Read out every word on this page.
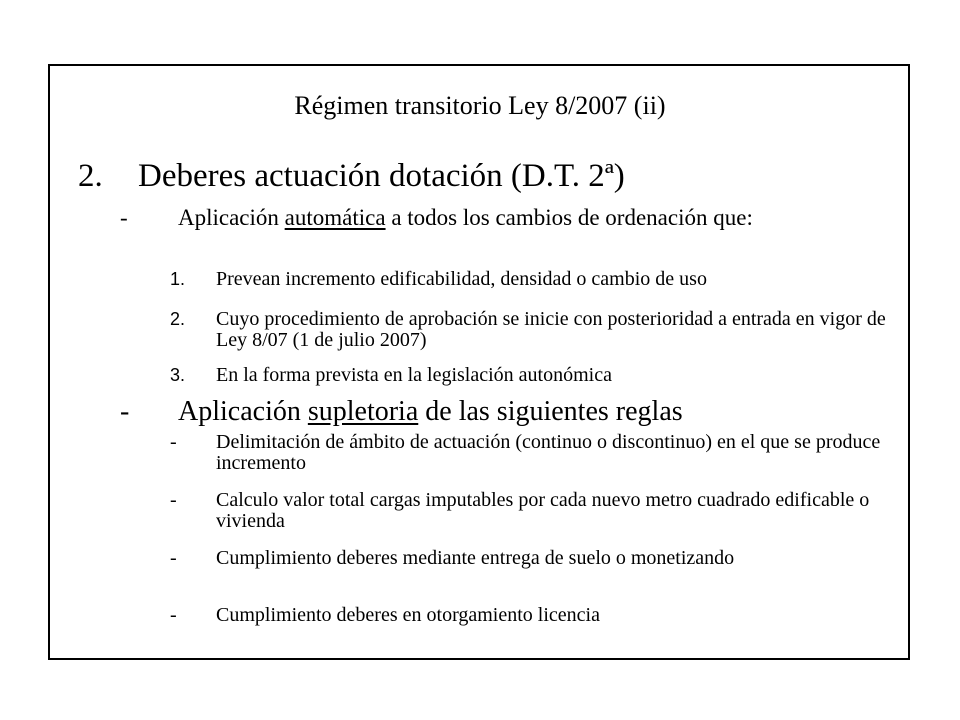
Régimen transitorio Ley 8/2007 (ii)
2. Deberes actuación dotación (D.T. 2ª)
- Aplicación automática a todos los cambios de ordenación que:
1. Prevean incremento edificabilidad, densidad o cambio de uso
2. Cuyo procedimiento de aprobación se inicie con posterioridad a entrada en vigor de Ley 8/07 (1 de julio 2007)
3. En la forma prevista en la legislación autonómica
- Aplicación supletoria de las siguientes reglas
- Delimitación de ámbito de actuación (continuo o discontinuo) en el que se produce incremento
- Calculo valor total cargas imputables por cada nuevo metro cuadrado edificable o vivienda
- Cumplimiento deberes mediante entrega de suelo o monetizando
- Cumplimiento deberes en otorgamiento licencia
